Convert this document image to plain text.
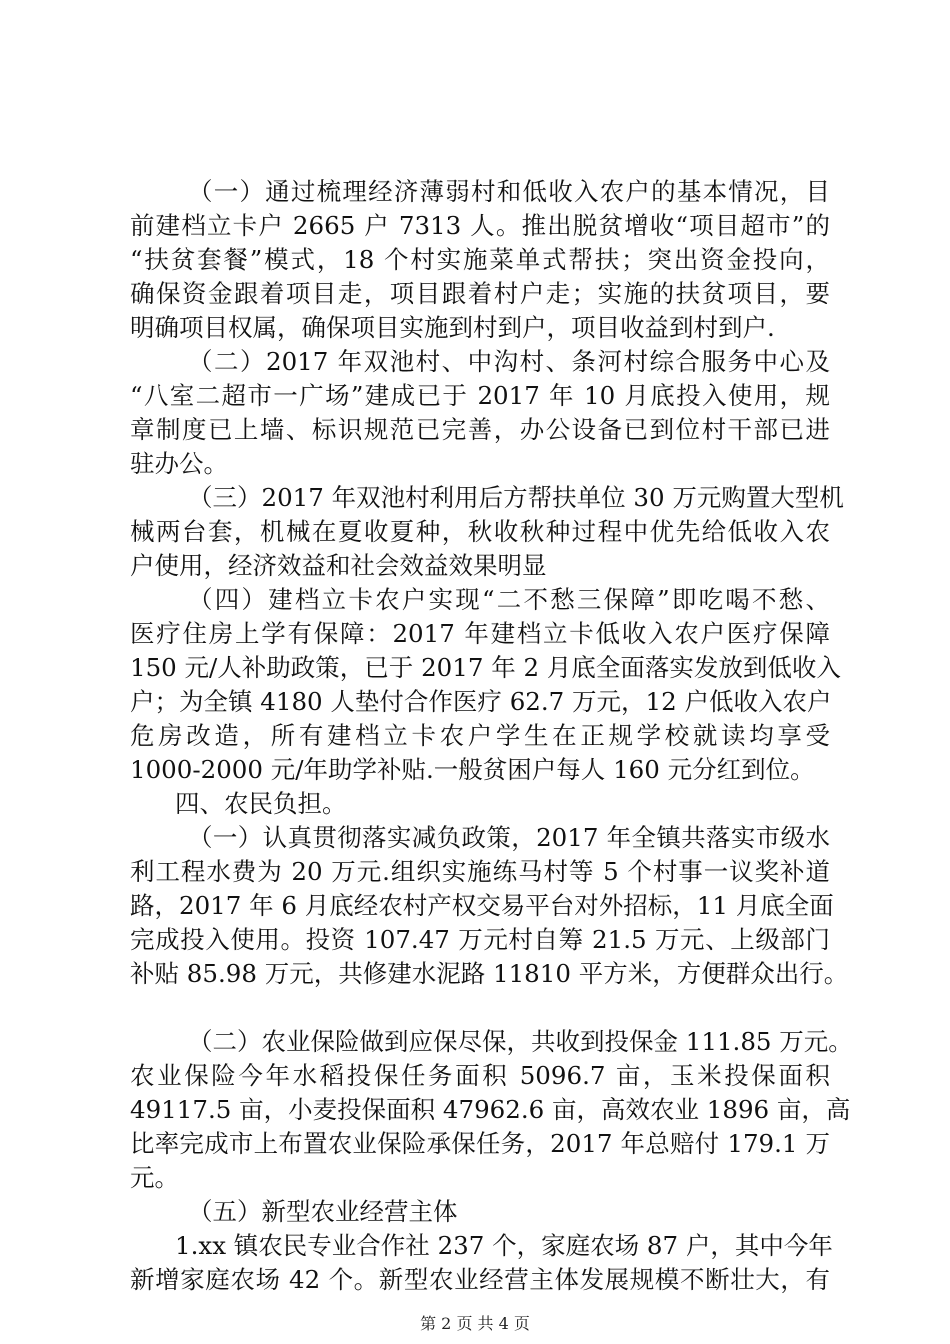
（一）通过梳理经济薄弱村和低收入农户的基本情况，目
前建档立卡户 2665 户 7313 人。推出脱贫增收“项目超市”的
“扶贫套餐”模式，18 个村实施菜单式帮扶；突出资金投向，
确保资金跟着项目走，项目跟着村户走；实施的扶贫项目，要
明确项目权属，确保项目实施到村到户，项目收益到村到户.
（二）2017 年双池村、中沟村、条河村综合服务中心及
“八室二超市一广场”建成已于 2017 年 10 月底投入使用，规
章制度已上墙、标识规范已完善，办公设备已到位村干部已进
驻办公。
（三）2017 年双池村利用后方帮扶单位 30 万元购置大型机
械两台套，机械在夏收夏种，秋收秋种过程中优先给低收入农
户使用，经济效益和社会效益效果明显
（四）建档立卡农户实现“二不愁三保障”即吃喝不愁、
医疗住房上学有保障：2017 年建档立卡低收入农户医疗保障
150 元/人补助政策，已于 2017 年 2 月底全面落实发放到低收入
户；为全镇 4180 人垫付合作医疗 62.7 万元，12 户低收入农户
危房改造，所有建档立卡农户学生在正规学校就读均享受
1000-2000 元/年助学补贴.一般贫困户每人 160 元分红到位。
四、农民负担。
（一）认真贯彻落实减负政策，2017 年全镇共落实市级水
利工程水费为 20 万元.组织实施练马村等 5 个村事一议奖补道
路，2017 年 6 月底经农村产权交易平台对外招标，11 月底全面
完成投入使用。投资 107.47 万元村自筹 21.5 万元、上级部门
补贴 85.98 万元，共修建水泥路 11810 平方米，方便群众出行。
（二）农业保险做到应保尽保，共收到投保金 111.85 万元。
农业保险今年水稻投保任务面积 5096.7 亩，玉米投保面积
49117.5 亩，小麦投保面积 47962.6 亩，高效农业 1896 亩，高
比率完成市上布置农业保险承保任务，2017 年总赔付 179.1 万
元。
（五）新型农业经营主体
1.xx 镇农民专业合作社 237 个，家庭农场 87 户，其中今年
新增家庭农场 42 个。新型农业经营主体发展规模不断壮大，有
第 2 页 共 4 页
